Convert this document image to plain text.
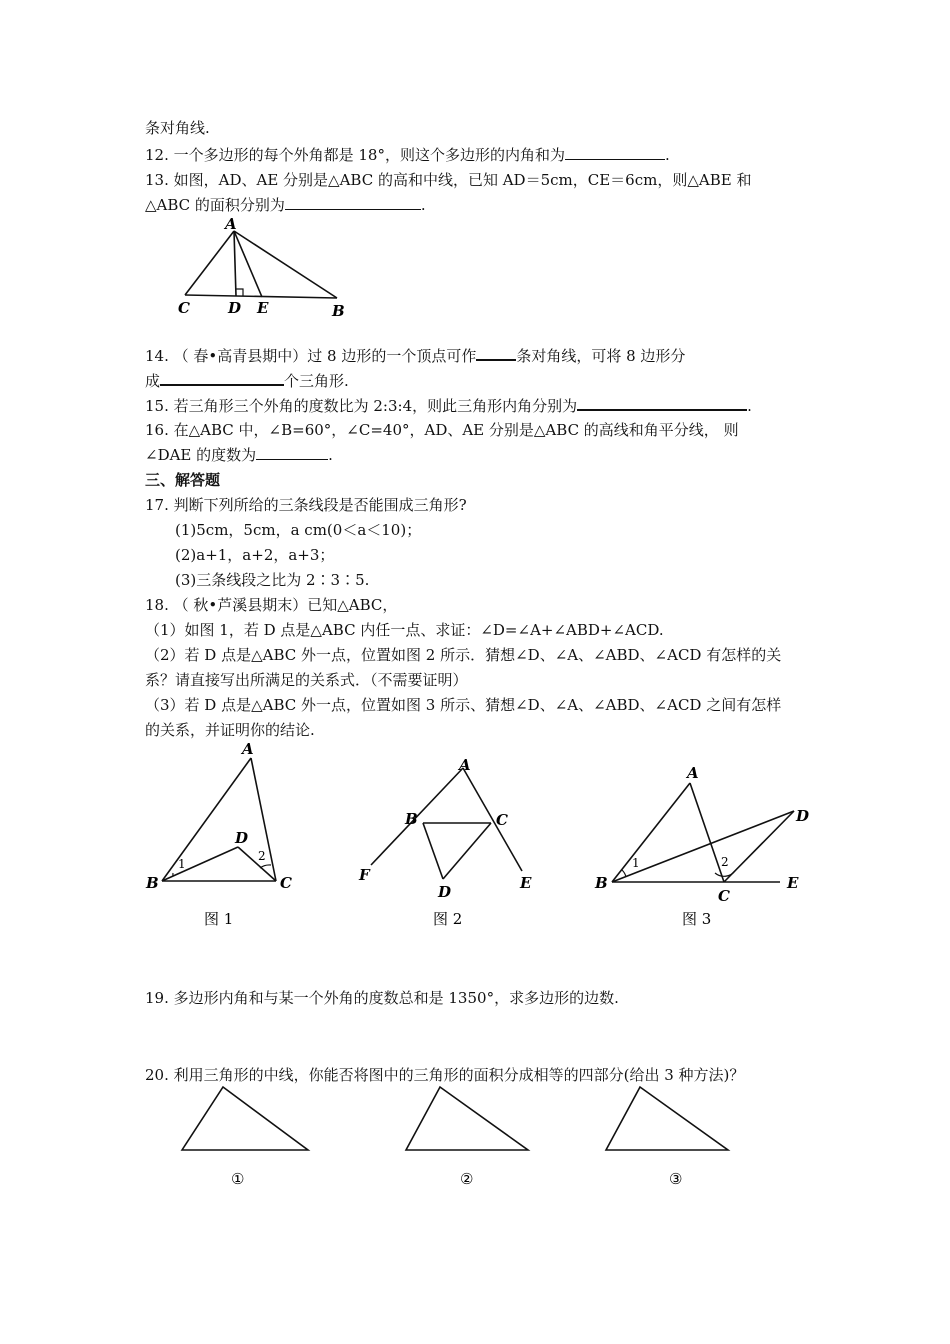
条对角线.
12. 一个多边形的每个外角都是 18°，则这个多边形的内角和为	.
13. 如图，AD、AE 分别是△ABC 的高和中线，已知 AD＝5cm，CE＝6cm，则△ABE 和
△ABC 的面积分别为	.
A
C	D E	B
14. （ 春•高青县期中）过 8 边形的一个顶点可作	条对角线，可将 8 边形分
成	个三角形.
15. 若三角形三个外角的度数比为 2:3:4，则此三角形内角分别为	.
16. 在△ABC 中，∠B=60°，∠C=40°，AD、AE 分别是△ABC 的高线和角平分线， 则
∠DAE 的度数为	.
三、解答题
17. 判断下列所给的三条线段是否能围成三角形?
(1)5cm，5cm，a cm(0＜a＜10)；
(2)a+1，a+2，a+3；
(3)三条线段之比为 2∶3∶5.
18. （ 秋•芦溪县期末）已知△ABC，
（1）如图 1，若 D 点是△ABC 内任一点、求证：∠D=∠A+∠ABD+∠ACD.
（2）若 D 点是△ABC 外一点，位置如图 2 所示．猜想∠D、∠A、∠ABD、∠ACD 有怎样的关
系？请直接写出所满足的关系式．（不需要证明）
（3）若 D 点是△ABC 外一点，位置如图 3 所示、猜想∠D、∠A、∠ABD、∠ACD 之间有怎样
的关系，并证明你的结论.
A
B	C
D
1
2
图 1
A
B	C
D	E
F
图 2
A
B
C
D
E
1	2
图 3
19. 多边形内角和与某一个外角的度数总和是 1350°，求多边形的边数.
20. 利用三角形的中线，你能否将图中的三角形的面积分成相等的四部分(给出 3 种方法)？
①	②	③
